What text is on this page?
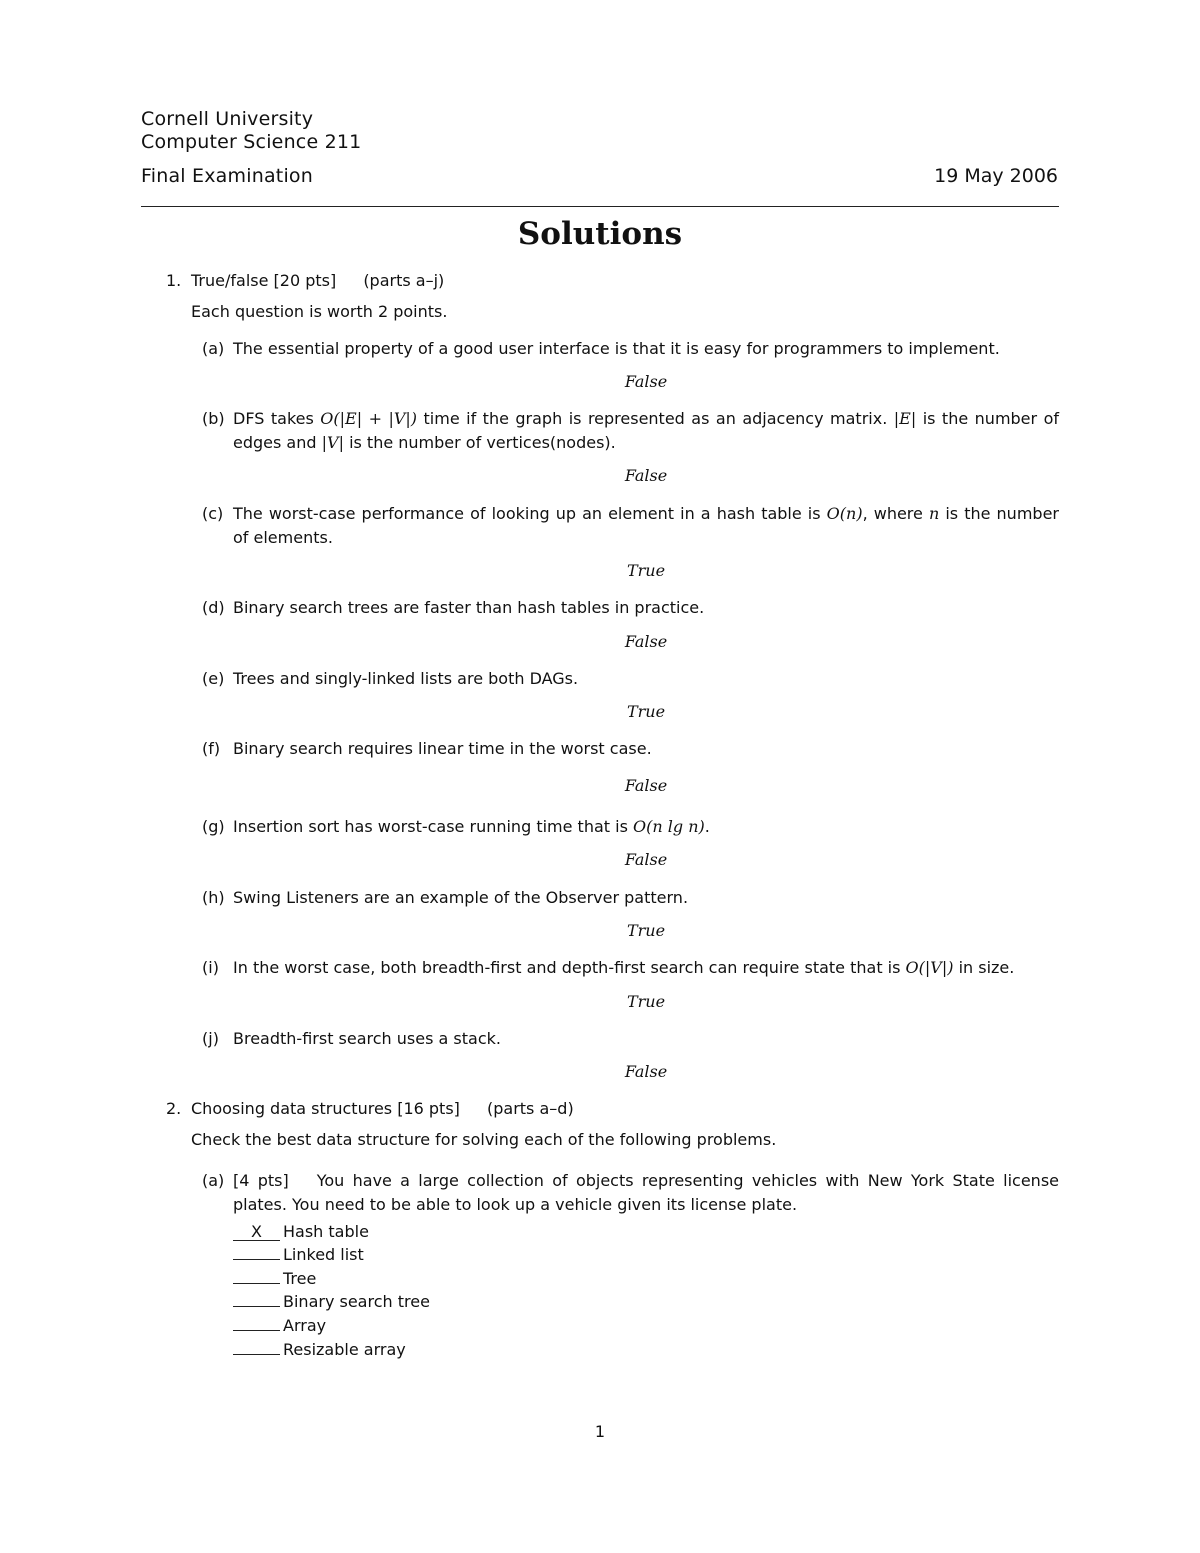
Cornell University
Computer Science 211
Final Examination	19 May 2006
Solutions
1. True/false [20 pts] (parts a–j)
Each question is worth 2 points.
(a) The essential property of a good user interface is that it is easy for programmers to implement.
False
(b) DFS takes O(|E| + |V|) time if the graph is represented as an adjacency matrix. |E| is the number of edges and |V| is the number of vertices(nodes).
False
(c) The worst-case performance of looking up an element in a hash table is O(n), where n is the number of elements.
True
(d) Binary search trees are faster than hash tables in practice.
False
(e) Trees and singly-linked lists are both DAGs.
True
(f) Binary search requires linear time in the worst case.
False
(g) Insertion sort has worst-case running time that is O(n lg n).
False
(h) Swing Listeners are an example of the Observer pattern.
True
(i) In the worst case, both breadth-first and depth-first search can require state that is O(|V|) in size.
True
(j) Breadth-first search uses a stack.
False
2. Choosing data structures [16 pts] (parts a–d)
Check the best data structure for solving each of the following problems.
(a) [4 pts] You have a large collection of objects representing vehicles with New York State license plates. You need to be able to look up a vehicle given its license plate.
X Hash table
Linked list
Tree
Binary search tree
Array
Resizable array
1
